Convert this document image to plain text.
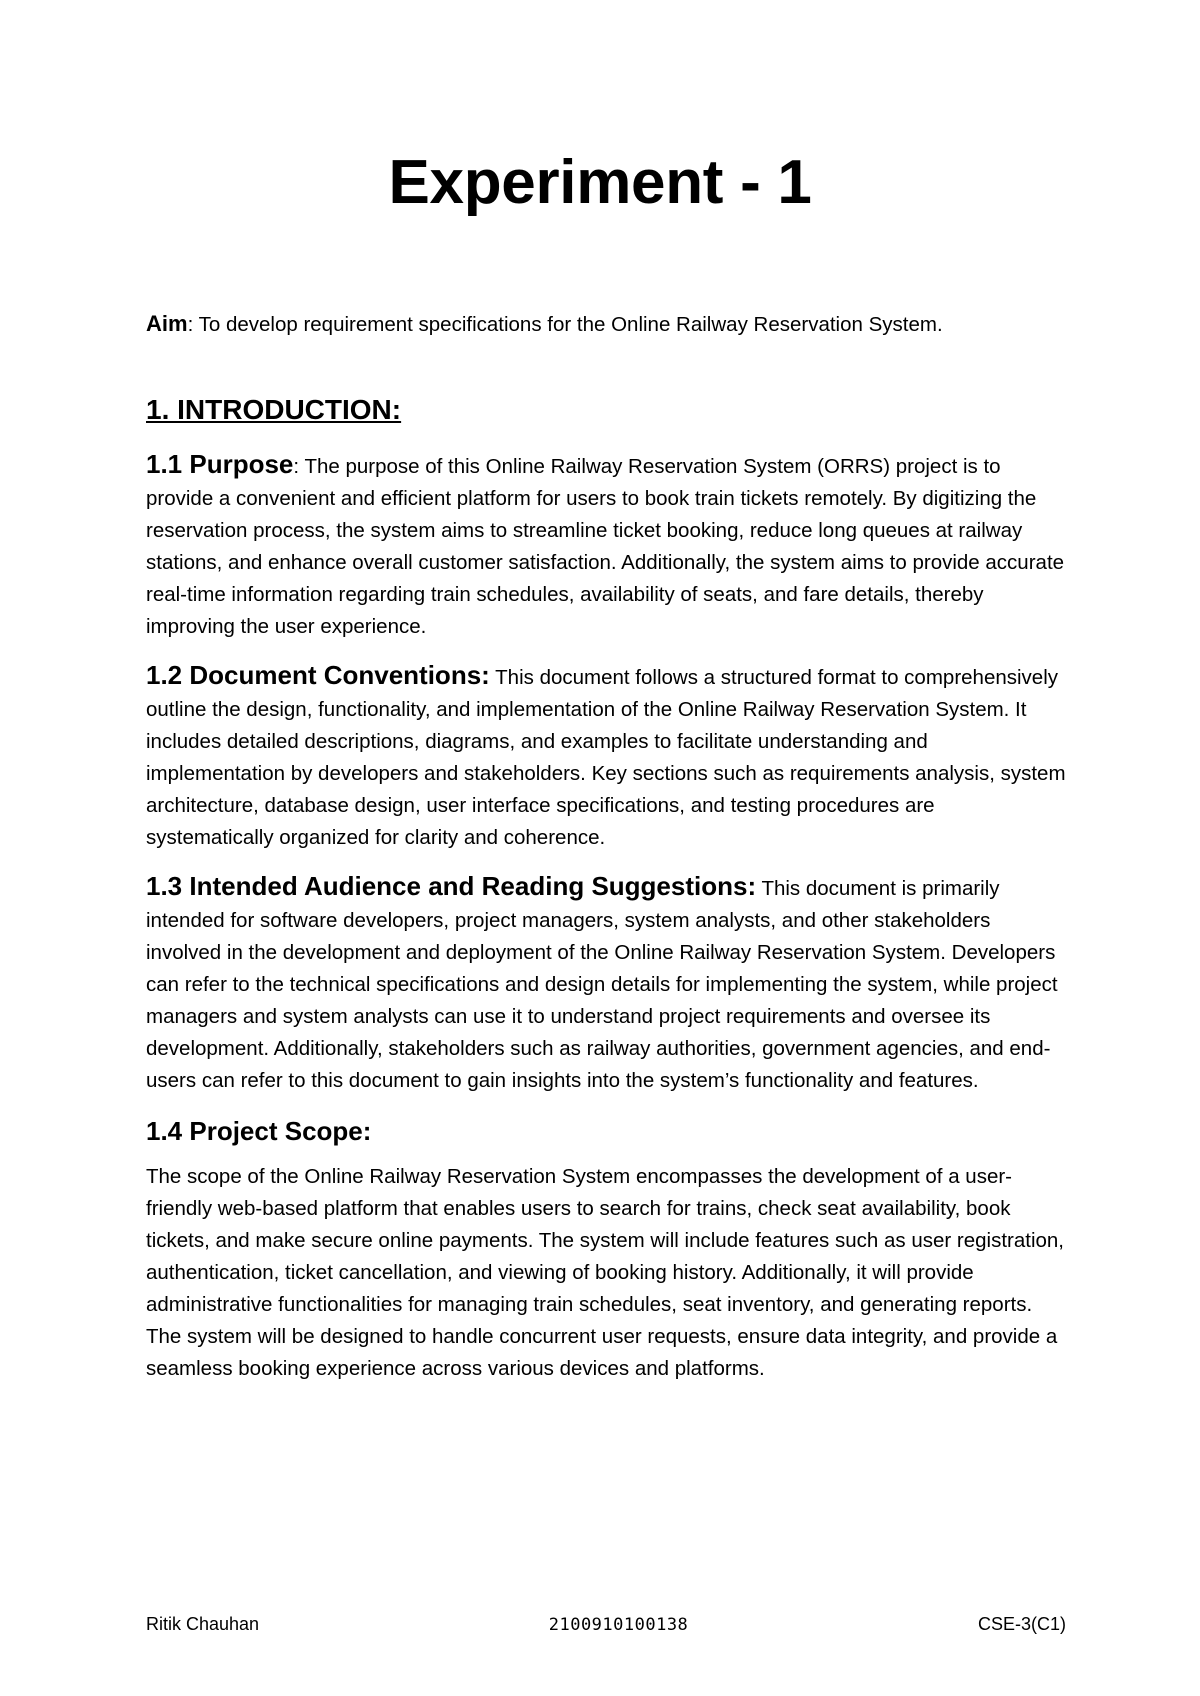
Experiment - 1

Aim: To develop requirement specifications for the Online Railway Reservation System.

1. INTRODUCTION:

1.1 Purpose: The purpose of this Online Railway Reservation System (ORRS) project is to provide a convenient and efficient platform for users to book train tickets remotely. By digitizing the reservation process, the system aims to streamline ticket booking, reduce long queues at railway stations, and enhance overall customer satisfaction. Additionally, the system aims to provide accurate real-time information regarding train schedules, availability of seats, and fare details, thereby improving the user experience.

1.2 Document Conventions: This document follows a structured format to comprehensively outline the design, functionality, and implementation of the Online Railway Reservation System. It includes detailed descriptions, diagrams, and examples to facilitate understanding and implementation by developers and stakeholders. Key sections such as requirements analysis, system architecture, database design, user interface specifications, and testing procedures are systematically organized for clarity and coherence.

1.3 Intended Audience and Reading Suggestions: This document is primarily intended for software developers, project managers, system analysts, and other stakeholders involved in the development and deployment of the Online Railway Reservation System. Developers can refer to the technical specifications and design details for implementing the system, while project managers and system analysts can use it to understand project requirements and oversee its development. Additionally, stakeholders such as railway authorities, government agencies, and end-users can refer to this document to gain insights into the system’s functionality and features.

1.4 Project Scope:

The scope of the Online Railway Reservation System encompasses the development of a user-friendly web-based platform that enables users to search for trains, check seat availability, book tickets, and make secure online payments. The system will include features such as user registration, authentication, ticket cancellation, and viewing of booking history. Additionally, it will provide administrative functionalities for managing train schedules, seat inventory, and generating reports. The system will be designed to handle concurrent user requests, ensure data integrity, and provide a seamless booking experience across various devices and platforms.

Ritik Chauhan	2100910100138	CSE-3(C1)
